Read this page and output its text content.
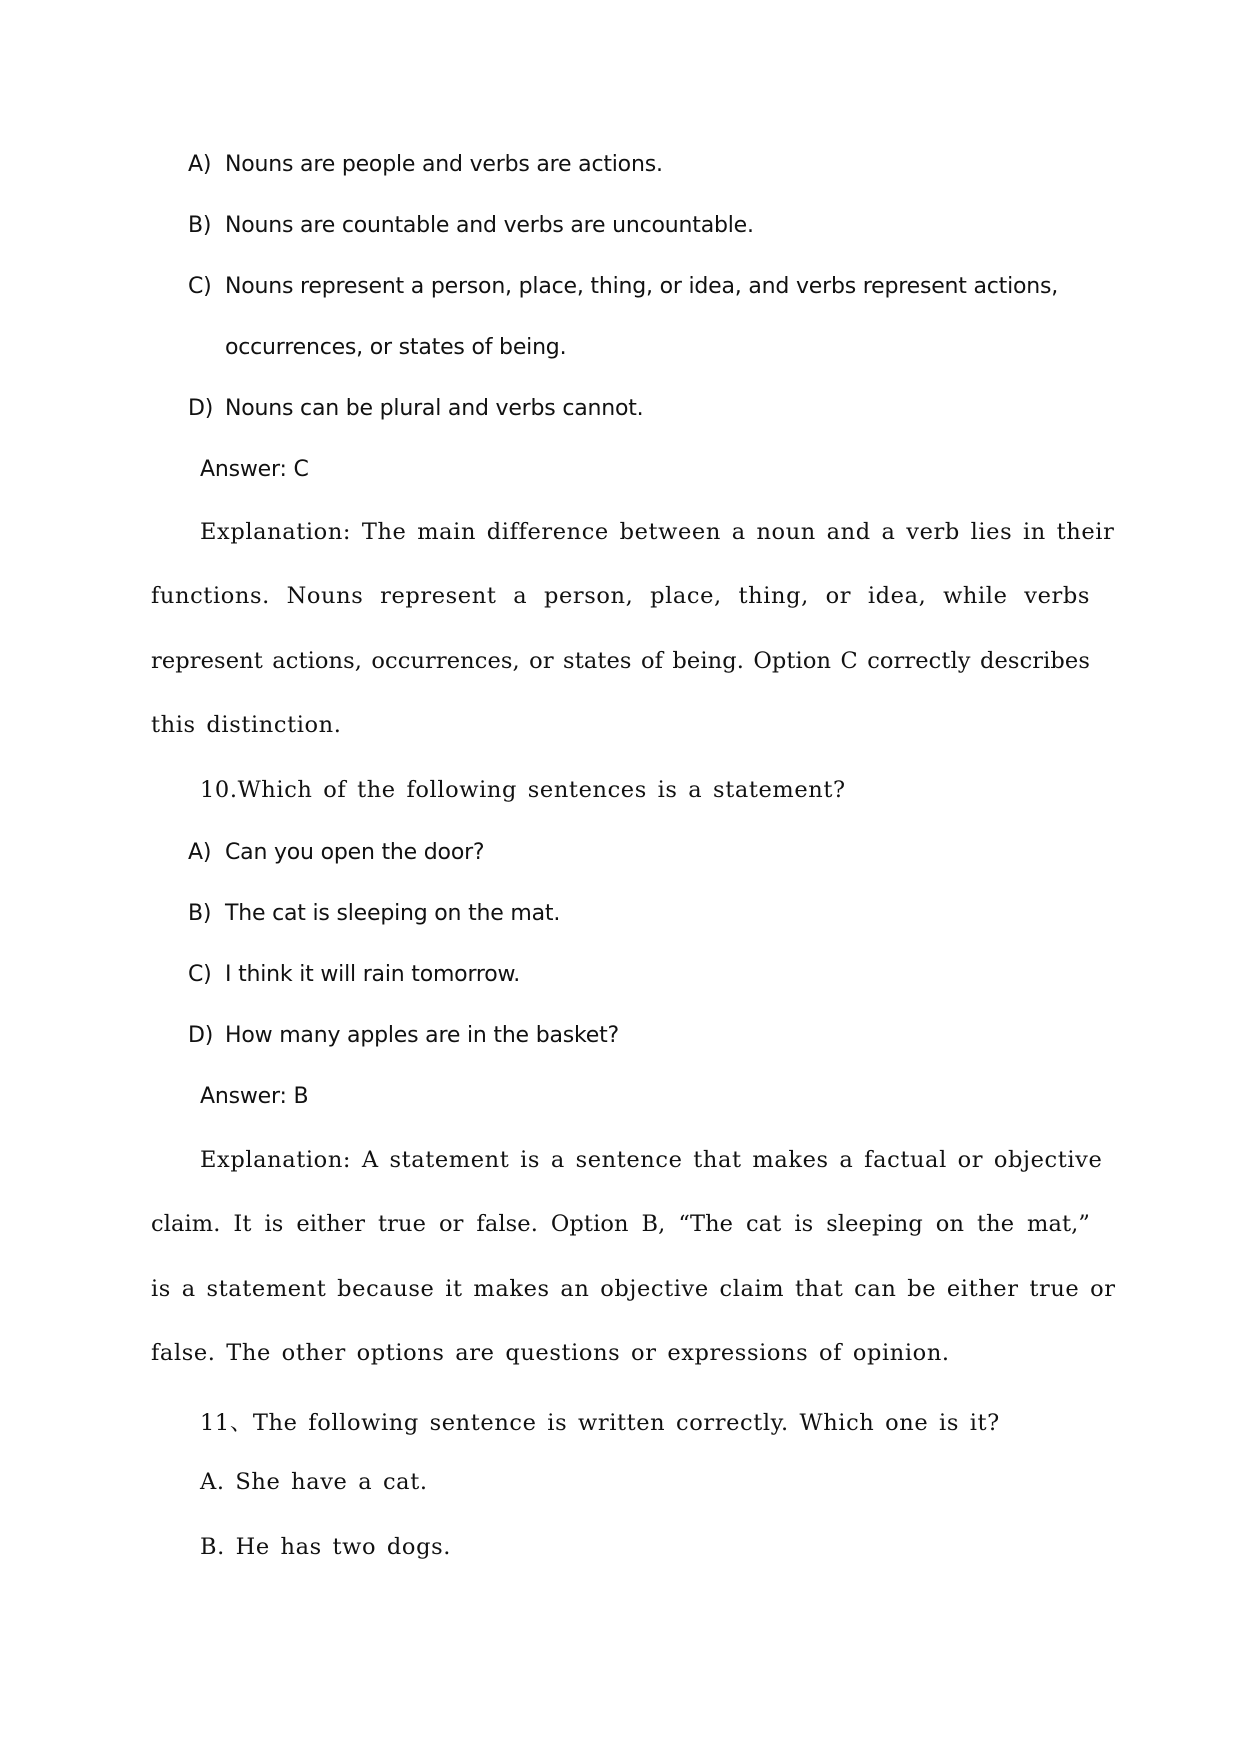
A) Nouns are people and verbs are actions.
B) Nouns are countable and verbs are uncountable.
C) Nouns represent a person, place, thing, or idea, and verbs represent actions,
occurrences, or states of being.
D) Nouns can be plural and verbs cannot.
Answer: C
Explanation: The main difference between a noun and a verb lies in their
functions. Nouns represent a person, place, thing, or idea, while verbs
represent actions, occurrences, or states of being. Option C correctly describes
this distinction.
10.Which of the following sentences is a statement?
A) Can you open the door?
B) The cat is sleeping on the mat.
C) I think it will rain tomorrow.
D) How many apples are in the basket?
Answer: B
Explanation: A statement is a sentence that makes a factual or objective
claim. It is either true or false. Option B, “The cat is sleeping on the mat,”
is a statement because it makes an objective claim that can be either true or
false. The other options are questions or expressions of opinion.
11、The following sentence is written correctly. Which one is it?
A. She have a cat.
B. He has two dogs.
